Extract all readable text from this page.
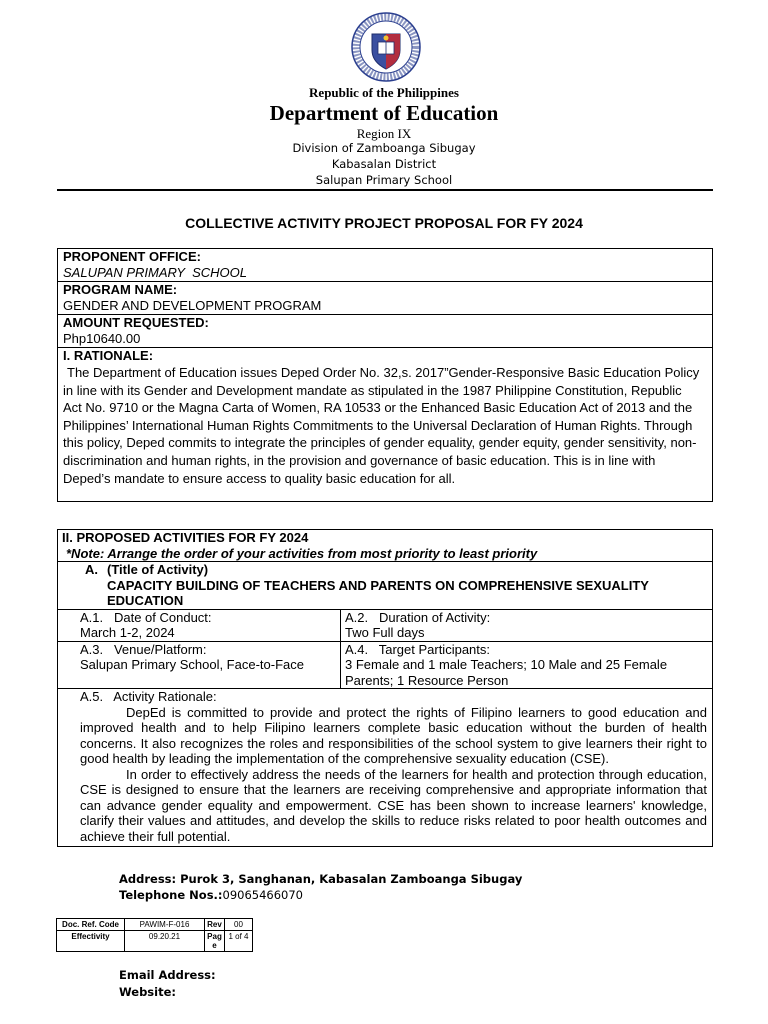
Republic of the Philippines
Department of Education
Region IX
Division of Zamboanga Sibugay
Kabasalan District
Salupan Primary School
COLLECTIVE ACTIVITY PROJECT PROPOSAL FOR FY 2024
PROPONENT OFFICE:
SALUPAN PRIMARY  SCHOOL
PROGRAM NAME:
GENDER AND DEVELOPMENT PROGRAM
AMOUNT REQUESTED:
Php10640.00
I. RATIONALE:

The Department of Education issues Deped Order No. 32,s. 2017”Gender-Responsive Basic Education Policy in line with its Gender and Development mandate as stipulated in the 1987 Philippine Constitution, Republic Act No. 9710 or the Magna Carta of Women, RA 10533 or the Enhanced Basic Education Act of 2013 and the Philippines’ International Human Rights Commitments to the Universal Declaration of Human Rights. Through this policy, Deped commits to integrate the principles of gender equality, gender equity, gender sensitivity, non-discrimination and human rights, in the provision and governance of basic education. This is in line with Deped’s mandate to ensure access to quality basic education for all.

II. PROPOSED ACTIVITIES FOR FY 2024
*Note: Arrange the order of your activities from most priority to least priority
A. (Title of Activity)
CAPACITY BUILDING OF TEACHERS AND PARENTS ON COMPREHENSIVE SEXUALITY EDUCATION
A.1.   Date of Conduct:
March 1-2, 2024
A.2.   Duration of Activity:
Two Full days
A.3.   Venue/Platform:
Salupan Primary School, Face-to-Face
A.4.   Target Participants:
3 Female and 1 male Teachers; 10 Male and 25 Female Parents; 1 Resource Person
A.5.   Activity Rationale:

DepEd is committed to provide and protect the rights of Filipino learners to good education and improved health and to help Filipino learners complete basic education without the burden of health concerns. It also recognizes the roles and responsibilities of the school system to give learners their right to good health by leading the implementation of the comprehensive sexuality education (CSE).

In order to effectively address the needs of the learners for health and protection through education, CSE is designed to ensure that the learners are receiving comprehensive and appropriate information that can advance gender equality and empowerment. CSE has been shown to increase learners' knowledge, clarify their values and attitudes, and develop the skills to reduce risks related to poor health outcomes and achieve their full potential.

Address: Purok 3, Sanghanan, Kabasalan Zamboanga Sibugay
Telephone Nos.:09065466070
Doc. Ref. Code	PAWIM-F-016	Rev	00
Effectivity	09.20.21	Page	1 of 4
Email Address:
Website:
